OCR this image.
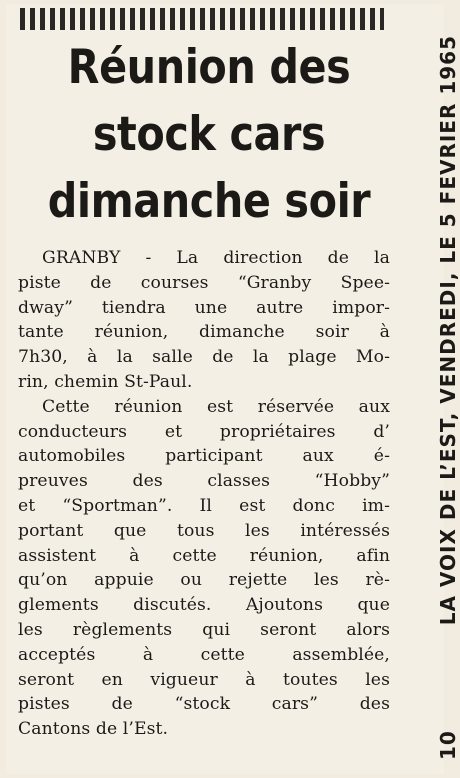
Réunion des
stock cars
dimanche soir

GRANBY - La direction de la
piste de courses “Granby Spee-
dway” tiendra une autre impor-
tante réunion, dimanche soir à
7h30, à la salle de la plage Mo-
rin, chemin St-Paul.

Cette réunion est réservée aux
conducteurs et propriétaires d’
automobiles participant aux é-
preuves des classes “Hobby”
et “Sportman”. Il est donc im-
portant que tous les intéressés
assistent à cette réunion, afin
qu’on appuie ou rejette les rè-
glements discutés. Ajoutons que
les règlements qui seront alors
acceptés à cette assemblée,
seront en vigueur à toutes les
pistes de “stock cars” des
Cantons de l’Est.

10
LA VOIX DE L’EST, VENDREDI, LE 5 FEVRIER 1965
